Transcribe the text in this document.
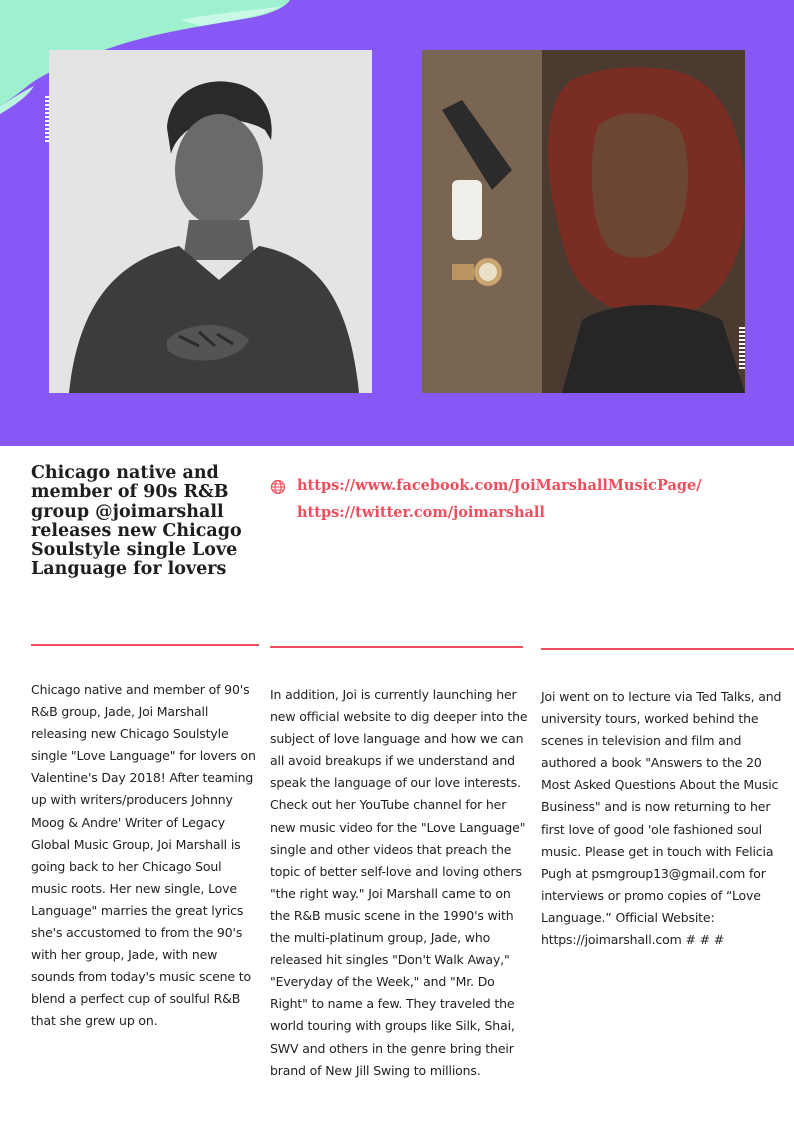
Chicago native and member of 90s R&B group @joimarshall releases new Chicago Soulstyle single Love Language for lovers
https://www.facebook.com/JoiMarshallMusicPage/
https://twitter.com/joimarshall

Chicago native and member of 90's R&B group, Jade, Joi Marshall releasing new Chicago Soulstyle single "Love Language" for lovers on Valentine's Day 2018! After teaming up with writers/producers Johnny Moog & Andre' Writer of Legacy Global Music Group, Joi Marshall is going back to her Chicago Soul music roots. Her new single, Love Language" marries the great lyrics she's accustomed to from the 90's with her group, Jade, with new sounds from today's music scene to blend a perfect cup of soulful R&B that she grew up on.

In addition, Joi is currently launching her new official website to dig deeper into the subject of love language and how we can all avoid breakups if we understand and speak the language of our love interests. Check out her YouTube channel for her new music video for the "Love Language" single and other videos that preach the topic of better self-love and loving others "the right way." Joi Marshall came to on the R&B music scene in the 1990's with the multi-platinum group, Jade, who released hit singles "Don't Walk Away," "Everyday of the Week," and "Mr. Do Right" to name a few. They traveled the world touring with groups like Silk, Shai, SWV and others in the genre bring their brand of New Jill Swing to millions.

Joi went on to lecture via Ted Talks, and university tours, worked behind the scenes in television and film and authored a book "Answers to the 20 Most Asked Questions About the Music Business" and is now returning to her first love of good 'ole fashioned soul music. Please get in touch with Felicia Pugh at psmgroup13@gmail.com for interviews or promo copies of “Love Language.” Official Website: https://joimarshall.com # # #
